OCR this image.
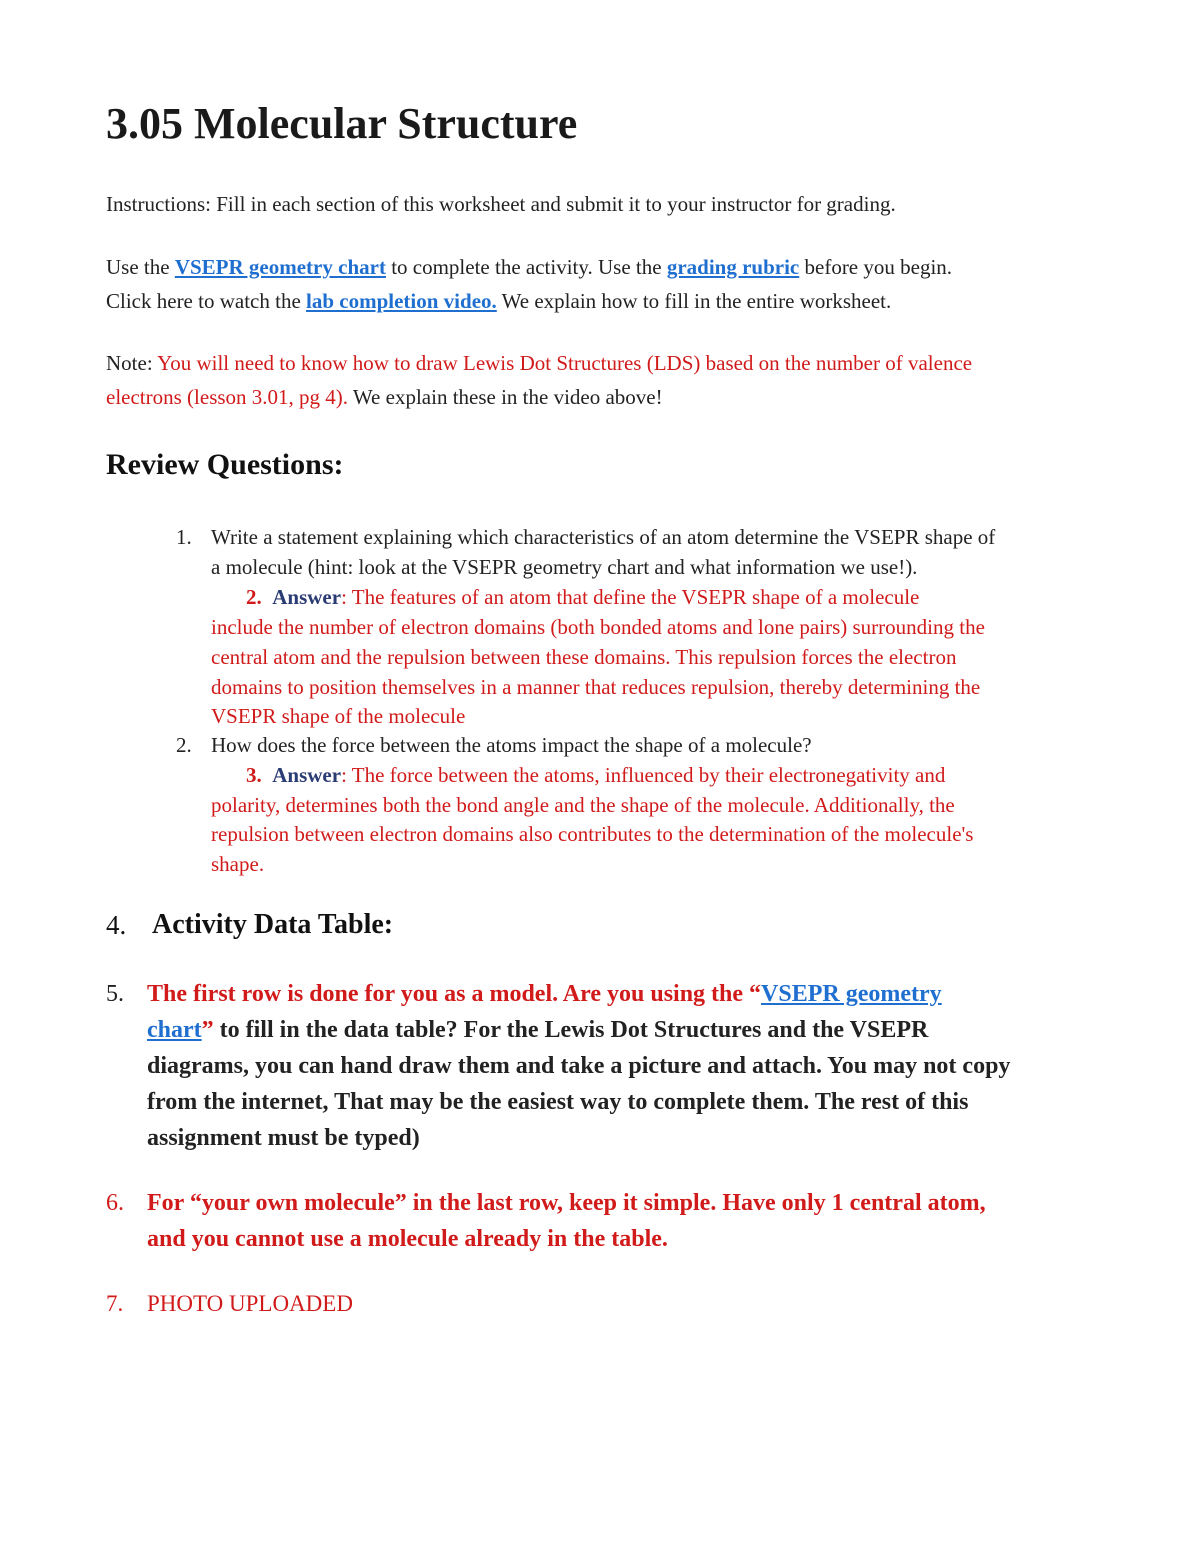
3.05 Molecular Structure
Instructions: Fill in each section of this worksheet and submit it to your instructor for grading.
Use the VSEPR geometry chart to complete the activity. Use the grading rubric before you begin.
Click here to watch the lab completion video. We explain how to fill in the entire worksheet.
Note: You will need to know how to draw Lewis Dot Structures (LDS) based on the number of valence
electrons (lesson 3.01, pg 4). We explain these in the video above!
Review Questions:
1. Write a statement explaining which characteristics of an atom determine the VSEPR shape of
a molecule (hint: look at the VSEPR geometry chart and what information we use!).
2. Answer: The features of an atom that define the VSEPR shape of a molecule
include the number of electron domains (both bonded atoms and lone pairs) surrounding the
central atom and the repulsion between these domains. This repulsion forces the electron
domains to position themselves in a manner that reduces repulsion, thereby determining the
VSEPR shape of the molecule
2. How does the force between the atoms impact the shape of a molecule?
3. Answer: The force between the atoms, influenced by their electronegativity and
polarity, determines both the bond angle and the shape of the molecule. Additionally, the
repulsion between electron domains also contributes to the determination of the molecule's
shape.
4. Activity Data Table:
5. The first row is done for you as a model. Are you using the “VSEPR geometry
chart” to fill in the data table? For the Lewis Dot Structures and the VSEPR
diagrams, you can hand draw them and take a picture and attach. You may not copy
from the internet, That may be the easiest way to complete them. The rest of this
assignment must be typed)
6. For “your own molecule” in the last row, keep it simple. Have only 1 central atom,
and you cannot use a molecule already in the table.
7. PHOTO UPLOADED
